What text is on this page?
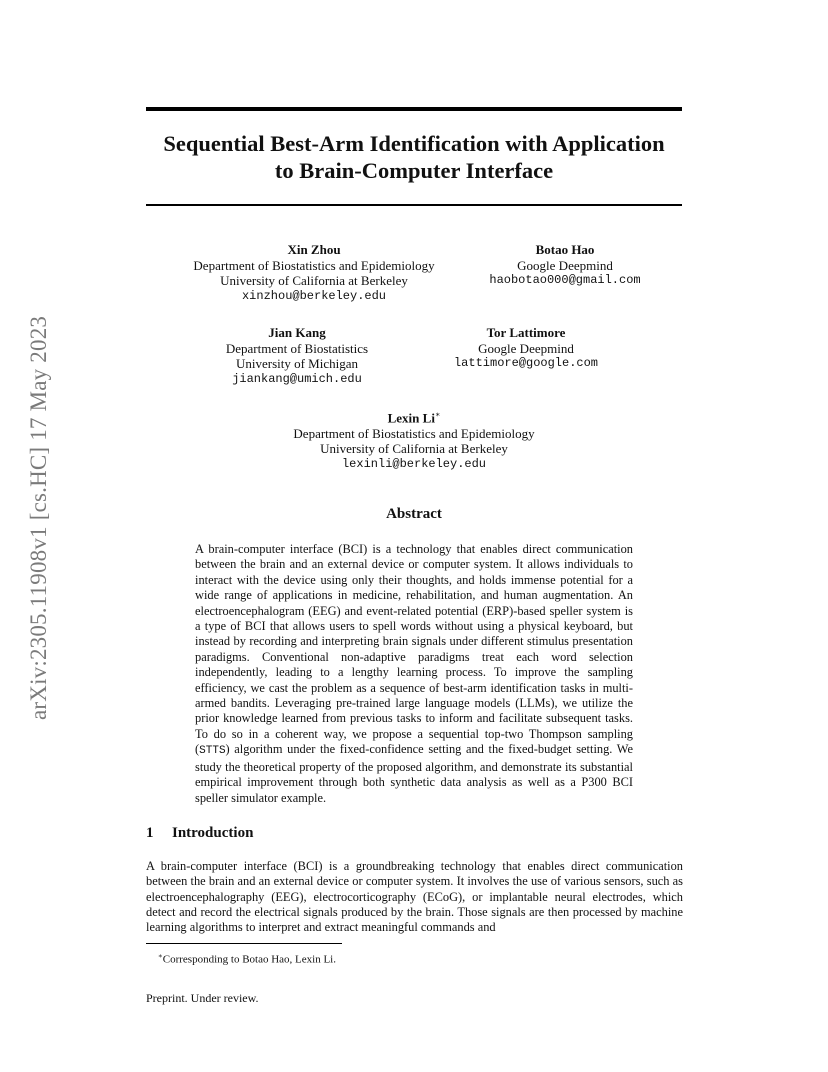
arXiv:2305.11908v1 [cs.HC] 17 May 2023
Sequential Best-Arm Identification with Application
to Brain-Computer Interface
Xin Zhou
Department of Biostatistics and Epidemiology
University of California at Berkeley
xinzhou@berkeley.edu
Botao Hao
Google Deepmind
haobotao000@gmail.com
Jian Kang
Department of Biostatistics
University of Michigan
jiankang@umich.edu
Tor Lattimore
Google Deepmind
lattimore@google.com
Lexin Li∗
Department of Biostatistics and Epidemiology
University of California at Berkeley
lexinli@berkeley.edu
Abstract
A brain-computer interface (BCI) is a technology that enables direct communication between the brain and an external device or computer system. It allows individuals to interact with the device using only their thoughts, and holds immense potential for a wide range of applications in medicine, rehabilitation, and human augmentation. An electroencephalogram (EEG) and event-related potential (ERP)-based speller system is a type of BCI that allows users to spell words without using a physical keyboard, but instead by recording and interpreting brain signals under different stimulus presentation paradigms. Conventional non-adaptive paradigms treat each word selection independently, leading to a lengthy learning process. To improve the sampling efficiency, we cast the problem as a sequence of best-arm identification tasks in multi-armed bandits. Leveraging pre-trained large language models (LLMs), we utilize the prior knowledge learned from previous tasks to inform and facilitate subsequent tasks. To do so in a coherent way, we propose a sequential top-two Thompson sampling (STTS) algorithm under the fixed-confidence setting and the fixed-budget setting. We study the theoretical property of the proposed algorithm, and demonstrate its substantial empirical improvement through both synthetic data analysis as well as a P300 BCI speller simulator example.
1 Introduction
A brain-computer interface (BCI) is a groundbreaking technology that enables direct communication between the brain and an external device or computer system. It involves the use of various sensors, such as electroencephalography (EEG), electrocorticography (ECoG), or implantable neural electrodes, which detect and record the electrical signals produced by the brain. Those signals are then processed by machine learning algorithms to interpret and extract meaningful commands and
∗Corresponding to Botao Hao, Lexin Li.
Preprint. Under review.
